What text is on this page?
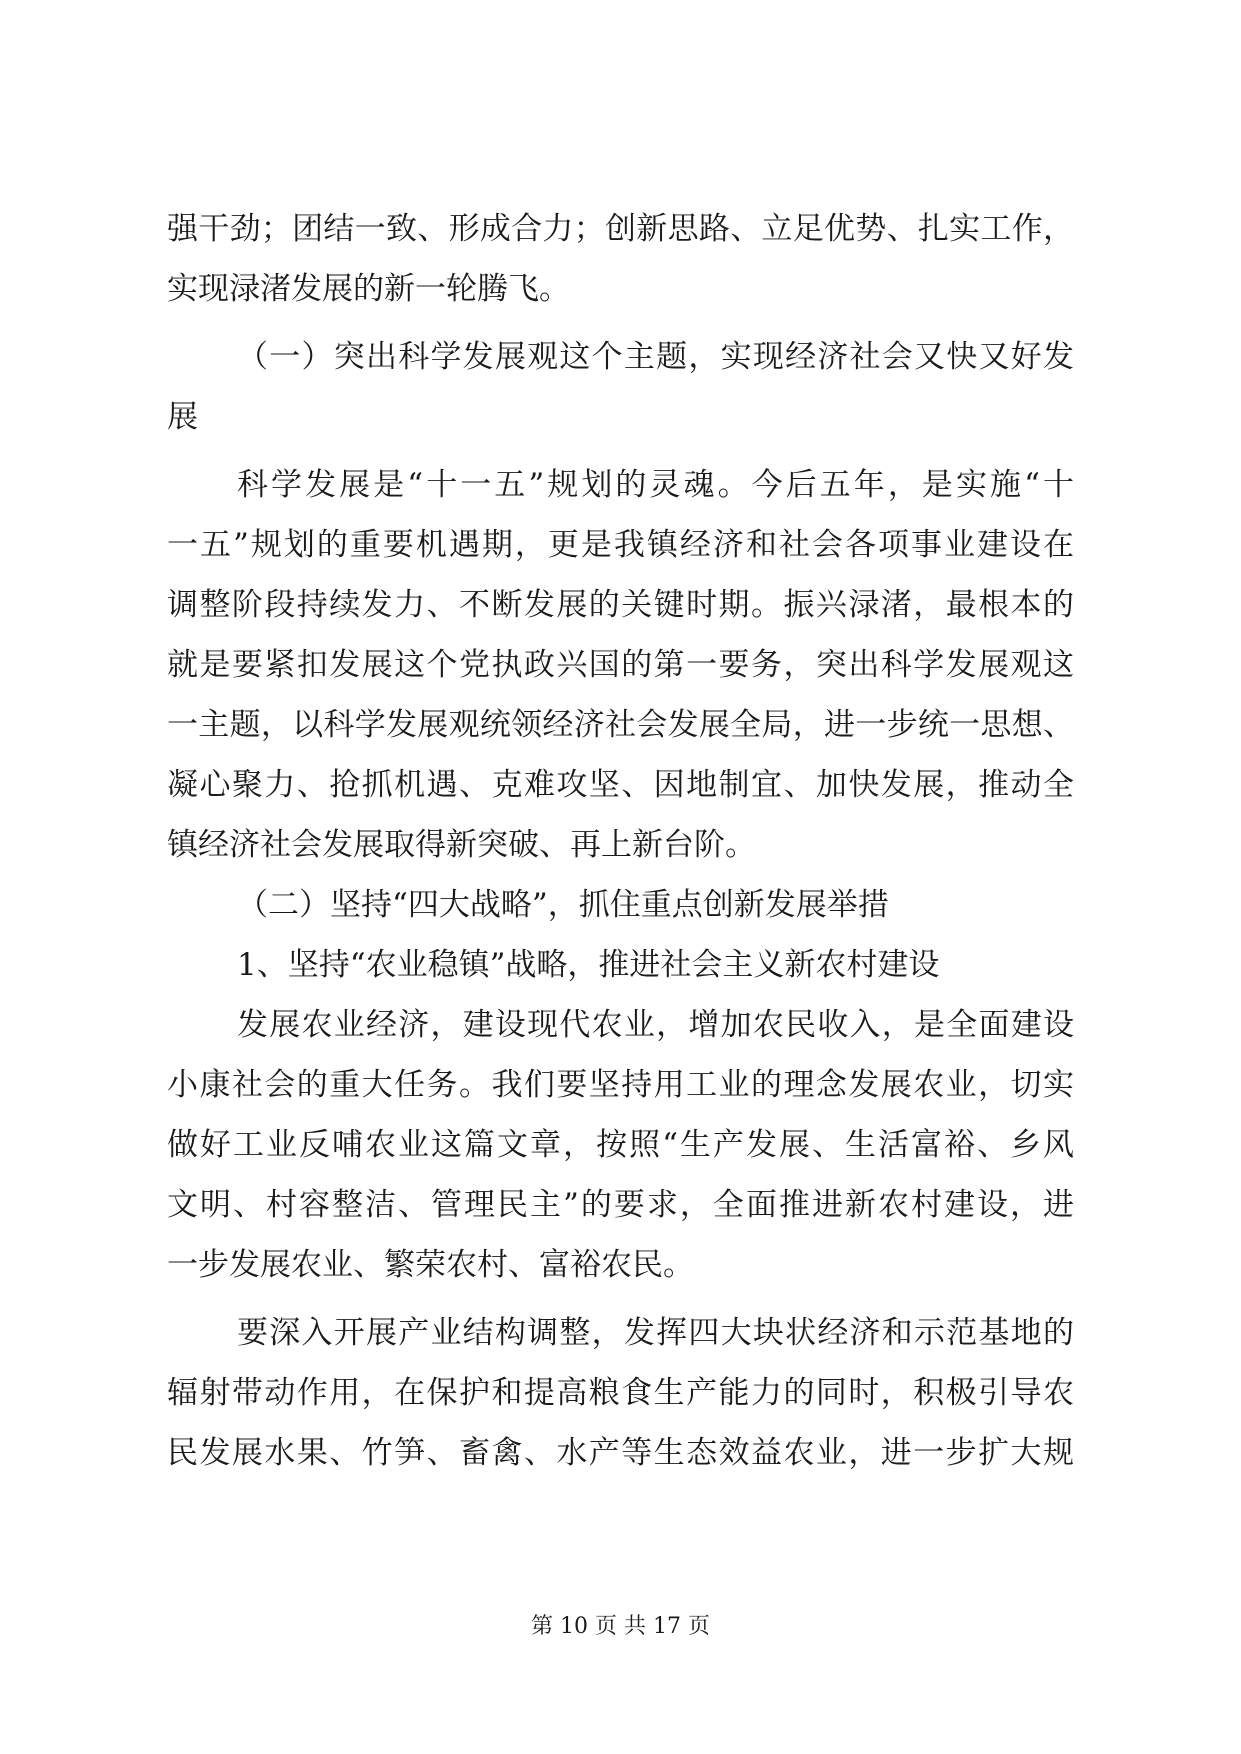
强干劲；团结一致、形成合力；创新思路、立足优势、扎实工作，
实现渌渚发展的新一轮腾飞。
（一）突出科学发展观这个主题，实现经济社会又快又好发
展
科学发展是“十一五”规划的灵魂。今后五年，是实施“十
一五”规划的重要机遇期，更是我镇经济和社会各项事业建设在
调整阶段持续发力、不断发展的关键时期。振兴渌渚，最根本的
就是要紧扣发展这个党执政兴国的第一要务，突出科学发展观这
一主题，以科学发展观统领经济社会发展全局，进一步统一思想、
凝心聚力、抢抓机遇、克难攻坚、因地制宜、加快发展，推动全
镇经济社会发展取得新突破、再上新台阶。
（二）坚持“四大战略”，抓住重点创新发展举措
1、坚持“农业稳镇”战略，推进社会主义新农村建设
发展农业经济，建设现代农业，增加农民收入，是全面建设
小康社会的重大任务。我们要坚持用工业的理念发展农业，切实
做好工业反哺农业这篇文章，按照“生产发展、生活富裕、乡风
文明、村容整洁、管理民主”的要求，全面推进新农村建设，进
一步发展农业、繁荣农村、富裕农民。
要深入开展产业结构调整，发挥四大块状经济和示范基地的
辐射带动作用，在保护和提高粮食生产能力的同时，积极引导农
民发展水果、竹笋、畜禽、水产等生态效益农业，进一步扩大规
第 10 页 共 17 页
